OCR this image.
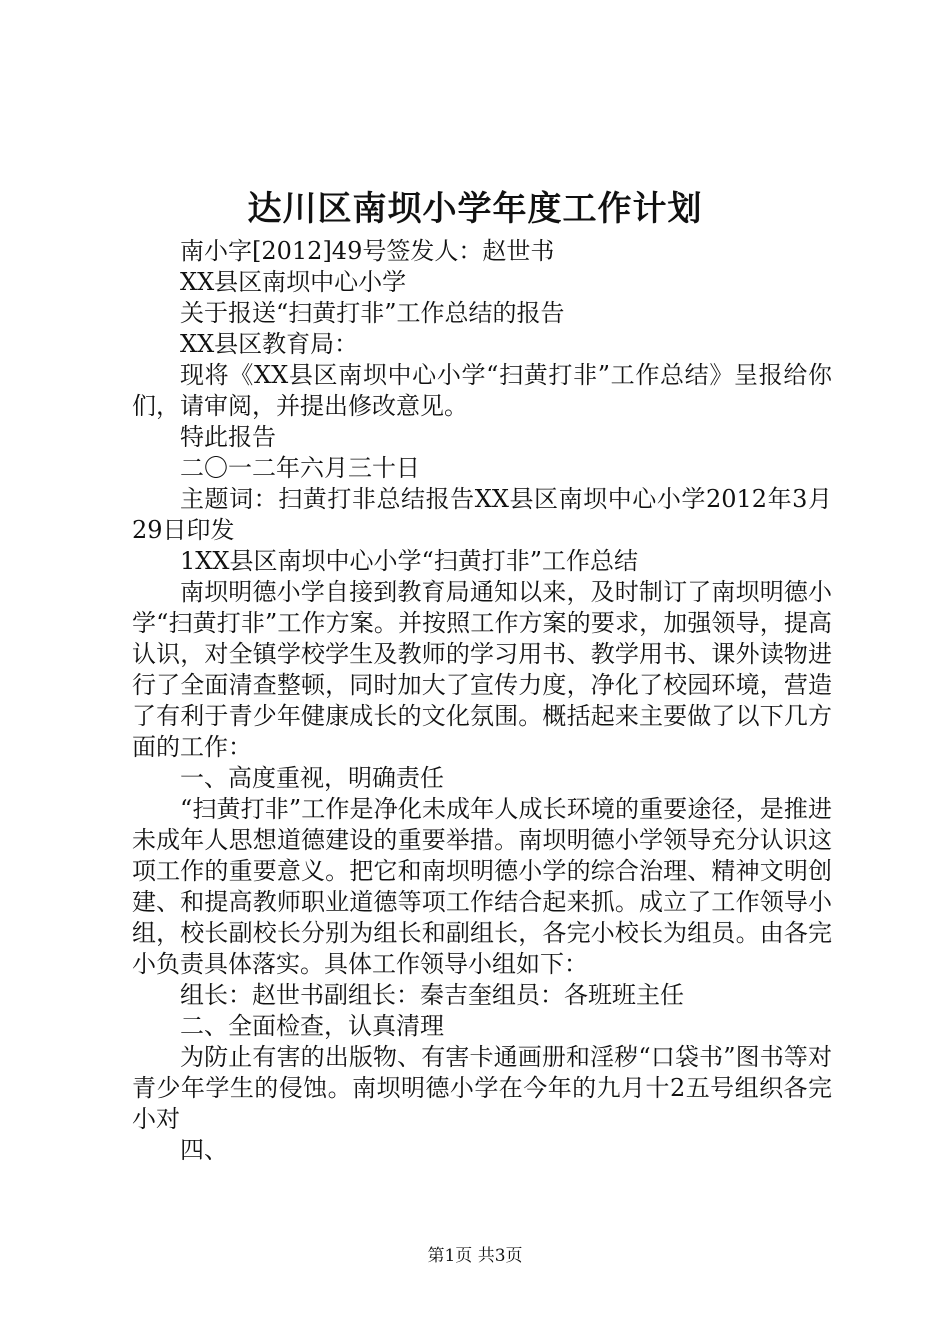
达川区南坝小学年度工作计划

南小字[2012]49号签发人：赵世书

XX县区南坝中心小学

关于报送“扫黄打非”工作总结的报告

XX县区教育局：

现将《XX县区南坝中心小学“扫黄打非”工作总结》呈报给你们，请审阅，并提出修改意见。

特此报告

二〇一二年六月三十日

主题词：扫黄打非总结报告XX县区南坝中心小学2012年3月29日印发

1XX县区南坝中心小学“扫黄打非”工作总结

南坝明德小学自接到教育局通知以来，及时制订了南坝明德小学“扫黄打非”工作方案。并按照工作方案的要求，加强领导，提高认识，对全镇学校学生及教师的学习用书、教学用书、课外读物进行了全面清查整顿，同时加大了宣传力度，净化了校园环境，营造了有利于青少年健康成长的文化氛围。概括起来主要做了以下几方面的工作：

一、高度重视，明确责任

“扫黄打非”工作是净化未成年人成长环境的重要途径，是推进未成年人思想道德建设的重要举措。南坝明德小学领导充分认识这项工作的重要意义。把它和南坝明德小学的综合治理、精神文明创建、和提高教师职业道德等项工作结合起来抓。成立了工作领导小组，校长副校长分别为组长和副组长，各完小校长为组员。由各完小负责具体落实。具体工作领导小组如下：

组长：赵世书副组长：秦吉奎组员：各班班主任

二、全面检查，认真清理

为防止有害的出版物、有害卡通画册和淫秽“口袋书”图书等对青少年学生的侵蚀。南坝明德小学在今年的九月十2五号组织各完小对

四、

第1页 共3页
